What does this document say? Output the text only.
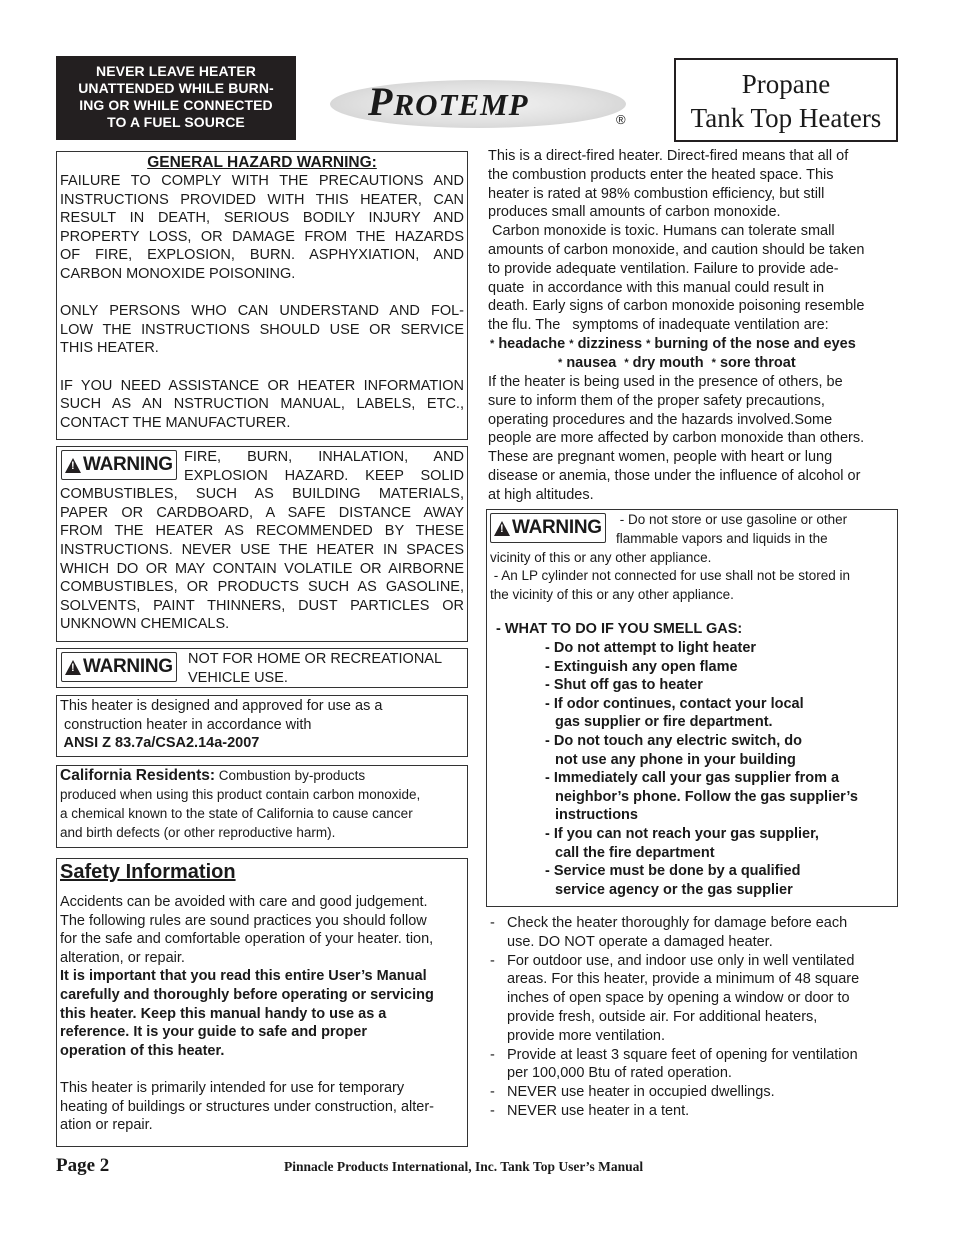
NEVER LEAVE HEATER
UNATTENDED WHILE BURN-
ING OR WHILE CONNECTED
TO A FUEL SOURCE	PROTEMP	®
Propane
Tank Top Heaters
GENERAL HAZARD WARNING:
FAILURE TO COMPLY WITH THE PRECAUTIONS AND
INSTRUCTIONS PROVIDED WITH THIS HEATER, CAN
RESULT IN DEATH, SERIOUS BODILY INJURY AND
PROPERTY LOSS, OR DAMAGE FROM THE HAZARDS
OF FIRE, EXPLOSION, BURN. ASPHYXIATION, AND
CARBON MONOXIDE POISONING.
ONLY PERSONS WHO CAN UNDERSTAND AND FOL-
LOW THE INSTRUCTIONS SHOULD USE OR SERVICE
THIS HEATER.
IF YOU NEED ASSISTANCE OR HEATER INFORMATION
SUCH AS AN NSTRUCTION MANUAL, LABELS, ETC.,
CONTACT THE MANUFACTURER.
!
WARNING FIRE, BURN, INHALATION, AND
EXPLOSION HAZARD. KEEP SOLID
COMBUSTIBLES, SUCH AS BUILDING MATERIALS,
PAPER OR CARDBOARD, A SAFE DISTANCE AWAY
FROM THE HEATER AS RECOMMENDED BY THESE
INSTRUCTIONS. NEVER USE THE HEATER IN SPACES
WHICH DO OR MAY CONTAIN VOLATILE OR AIRBORNE
COMBUSTIBLES, OR PRODUCTS SUCH AS GASOLINE,
SOLVENTS, PAINT THINNERS, DUST PARTICLES OR
UNKNOWN CHEMICALS.
!
WARNING NOT FOR HOME OR RECREATIONAL
VEHICLE USE.
This heater is designed and approved for use as a
construction heater in accordance with
ANSI Z 83.7a/CSA2.14a-2007
California Residents: Combustion by-products
produced when using this product contain carbon monoxide,
a chemical known to the state of California to cause cancer
and birth defects (or other reproductive harm).
Safety Information
Accidents can be avoided with care and good judgement.
The following rules are sound practices you should follow
for the safe and comfortable operation of your heater. tion,
alteration, or repair.
It is important that you read this entire User’s Manual
carefully and thoroughly before operating or servicing
this heater. Keep this manual handy to use as a
reference. It is your guide to safe and proper
operation of this heater.
This heater is primarily intended for use for temporary
heating of buildings or structures under construction, alter-
ation or repair.
This is a direct-fired heater. Direct-fired means that all of
the combustion products enter the heated space. This
heater is rated at 98% combustion efficiency, but still
produces small amounts of carbon monoxide.
Carbon monoxide is toxic. Humans can tolerate small
amounts of carbon monoxide, and caution should be taken
to provide adequate ventilation. Failure to provide ade-
quate  in accordance with this manual could result in
death. Early signs of carbon monoxide poisoning resemble
the flu. The   symptoms of inadequate ventilation are:
* headache * dizziness * burning of the nose and eyes
* nausea * dry mouth * sore throat
If the heater is being used in the presence of others, be
sure to inform them of the proper safety precautions,
operating procedures and the hazards involved.Some
people are more affected by carbon monoxide than others.
These are pregnant women, people with heart or lung
disease or anemia, those under the influence of alcohol or
at high altitudes.
!
WARNING - Do not store or use gasoline or other
flammable vapors and liquids in the
vicinity of this or any other appliance.
- An LP cylinder not connected for use shall not be stored in
the vicinity of this or any other appliance.
- WHAT TO DO IF YOU SMELL GAS:
- Do not attempt to light heater
- Extinguish any open flame
- Shut off gas to heater
- If odor continues, contact your local
gas supplier or fire department.
- Do not touch any electric switch, do
not use any phone in your building
- Immediately call your gas supplier from a
neighbor’s phone. Follow the gas supplier’s
instructions
- If you can not reach your gas supplier,
call the fire department
- Service must be done by a qualified
service agency or the gas supplier
- Check the heater thoroughly for damage before each
use. DO NOT operate a damaged heater.
- For outdoor use, and indoor use only in well ventilated
areas. For this heater, provide a minimum of 48 square
inches of open space by opening a window or door to
provide fresh, outside air. For additional heaters,
provide more ventilation.
- Provide at least 3 square feet of opening for ventilation
per 100,000 Btu of rated operation.
- NEVER use heater in occupied dwellings.
- NEVER use heater in a tent.
Page 2	Pinnacle Products International, Inc. Tank Top User’s Manual
